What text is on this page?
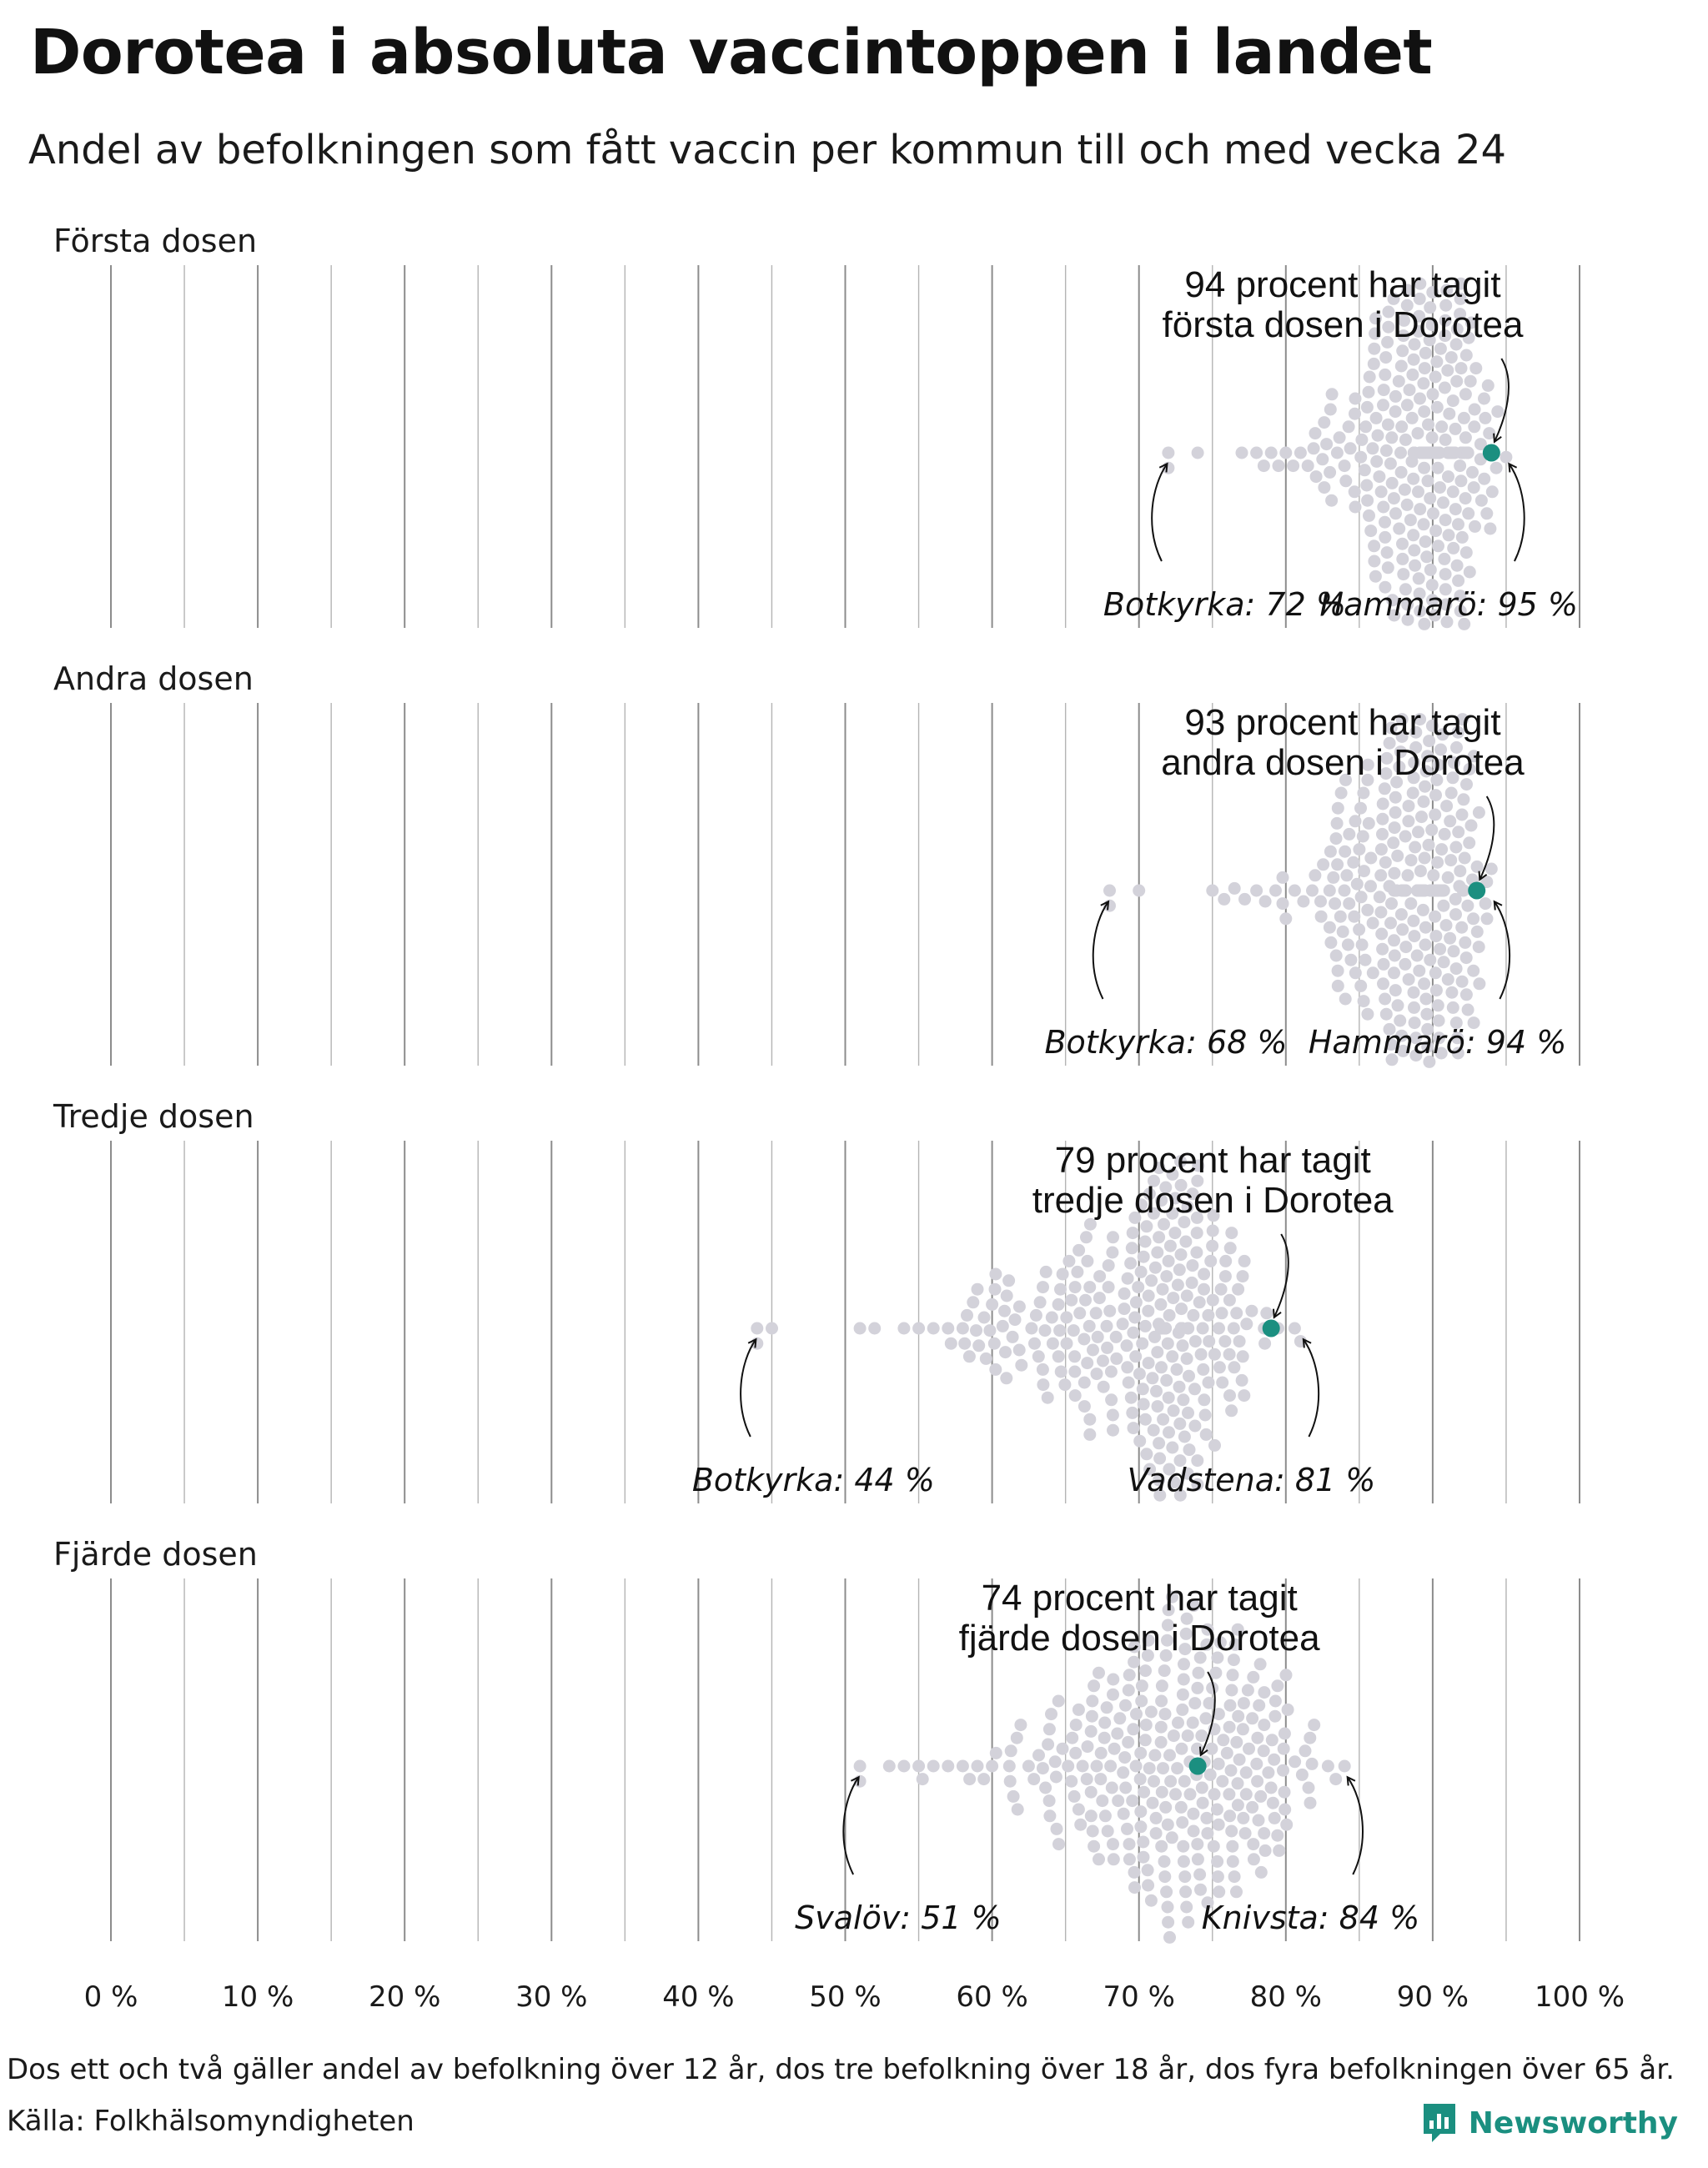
Dorotea i absoluta vaccintoppen i landet

Andel av befolkningen som fått vaccin per kommun till och med vecka 24

Första dosen
94 procent har tagit
första dosen i Dorotea
Botkyrka: 72 %
Hammarö: 95 %
Andra dosen
93 procent har tagit
andra dosen i Dorotea
Botkyrka: 68 % Hammarö: 94 %
Tredje dosen
79 procent har tagit
tredje dosen i Dorotea
Botkyrka: 44 %	Vadstena: 81 %
Fjärde dosen
74 procent har tagit
fjärde dosen i Dorotea
Svalöv: 51 %	Knivsta: 84 %
0 %	10 %	20 %	30 %	40 %	50 %	60 %	70 %	80 %	90 % 100 %

Dos ett och två gäller andel av befolkning över 12 år, dos tre befolkning över 18 år, dos fyra befolkningen över 65 år.

Källa: Folkhälsomyndigheten	Newsworthy
